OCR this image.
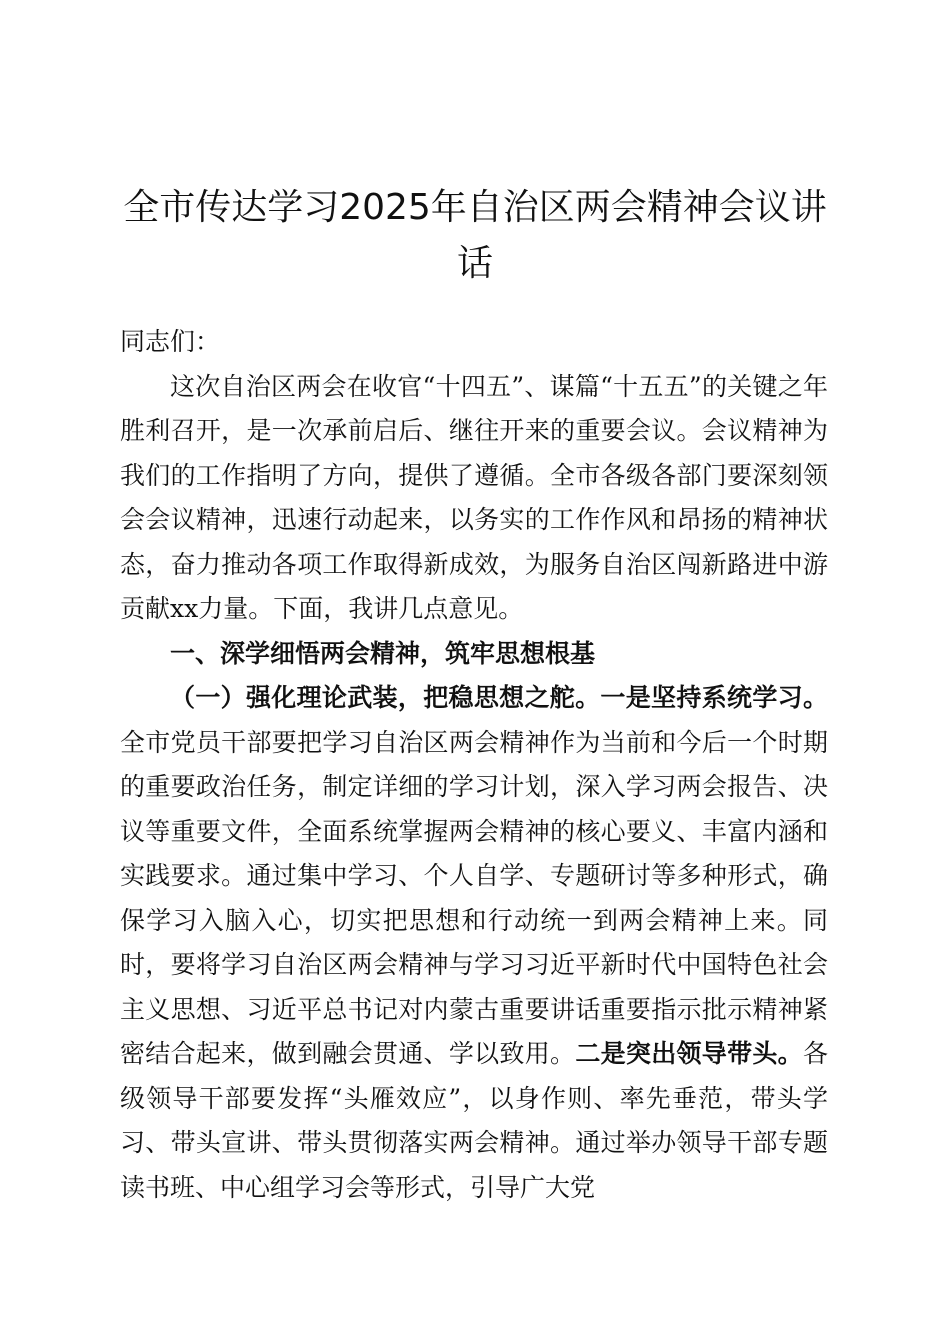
全市传达学习2025年自治区两会精神会议讲
话

同志们：

这次自治区两会在收官“十四五”、谋篇“十五五”的关键之年胜利召开，是一次承前启后、继往开来的重要会议。会议精神为我们的工作指明了方向，提供了遵循。全市各级各部门要深刻领会会议精神，迅速行动起来，以务实的工作作风和昂扬的精神状态，奋力推动各项工作取得新成效，为服务自治区闯新路进中游贡献xx力量。下面，我讲几点意见。

一、深学细悟两会精神，筑牢思想根基

（一）强化理论武装，把稳思想之舵。一是坚持系统学习。全市党员干部要把学习自治区两会精神作为当前和今后一个时期的重要政治任务，制定详细的学习计划，深入学习两会报告、决议等重要文件，全面系统掌握两会精神的核心要义、丰富内涵和实践要求。通过集中学习、个人自学、专题研讨等多种形式，确保学习入脑入心，切实把思想和行动统一到两会精神上来。同时，要将学习自治区两会精神与学习习近平新时代中国特色社会主义思想、习近平总书记对内蒙古重要讲话重要指示批示精神紧密结合起来，做到融会贯通、学以致用。二是突出领导带头。各级领导干部要发挥“头雁效应”，以身作则、率先垂范，带头学习、带头宣讲、带头贯彻落实两会精神。通过举办领导干部专题读书班、中心组学习会等形式，引导广大党
